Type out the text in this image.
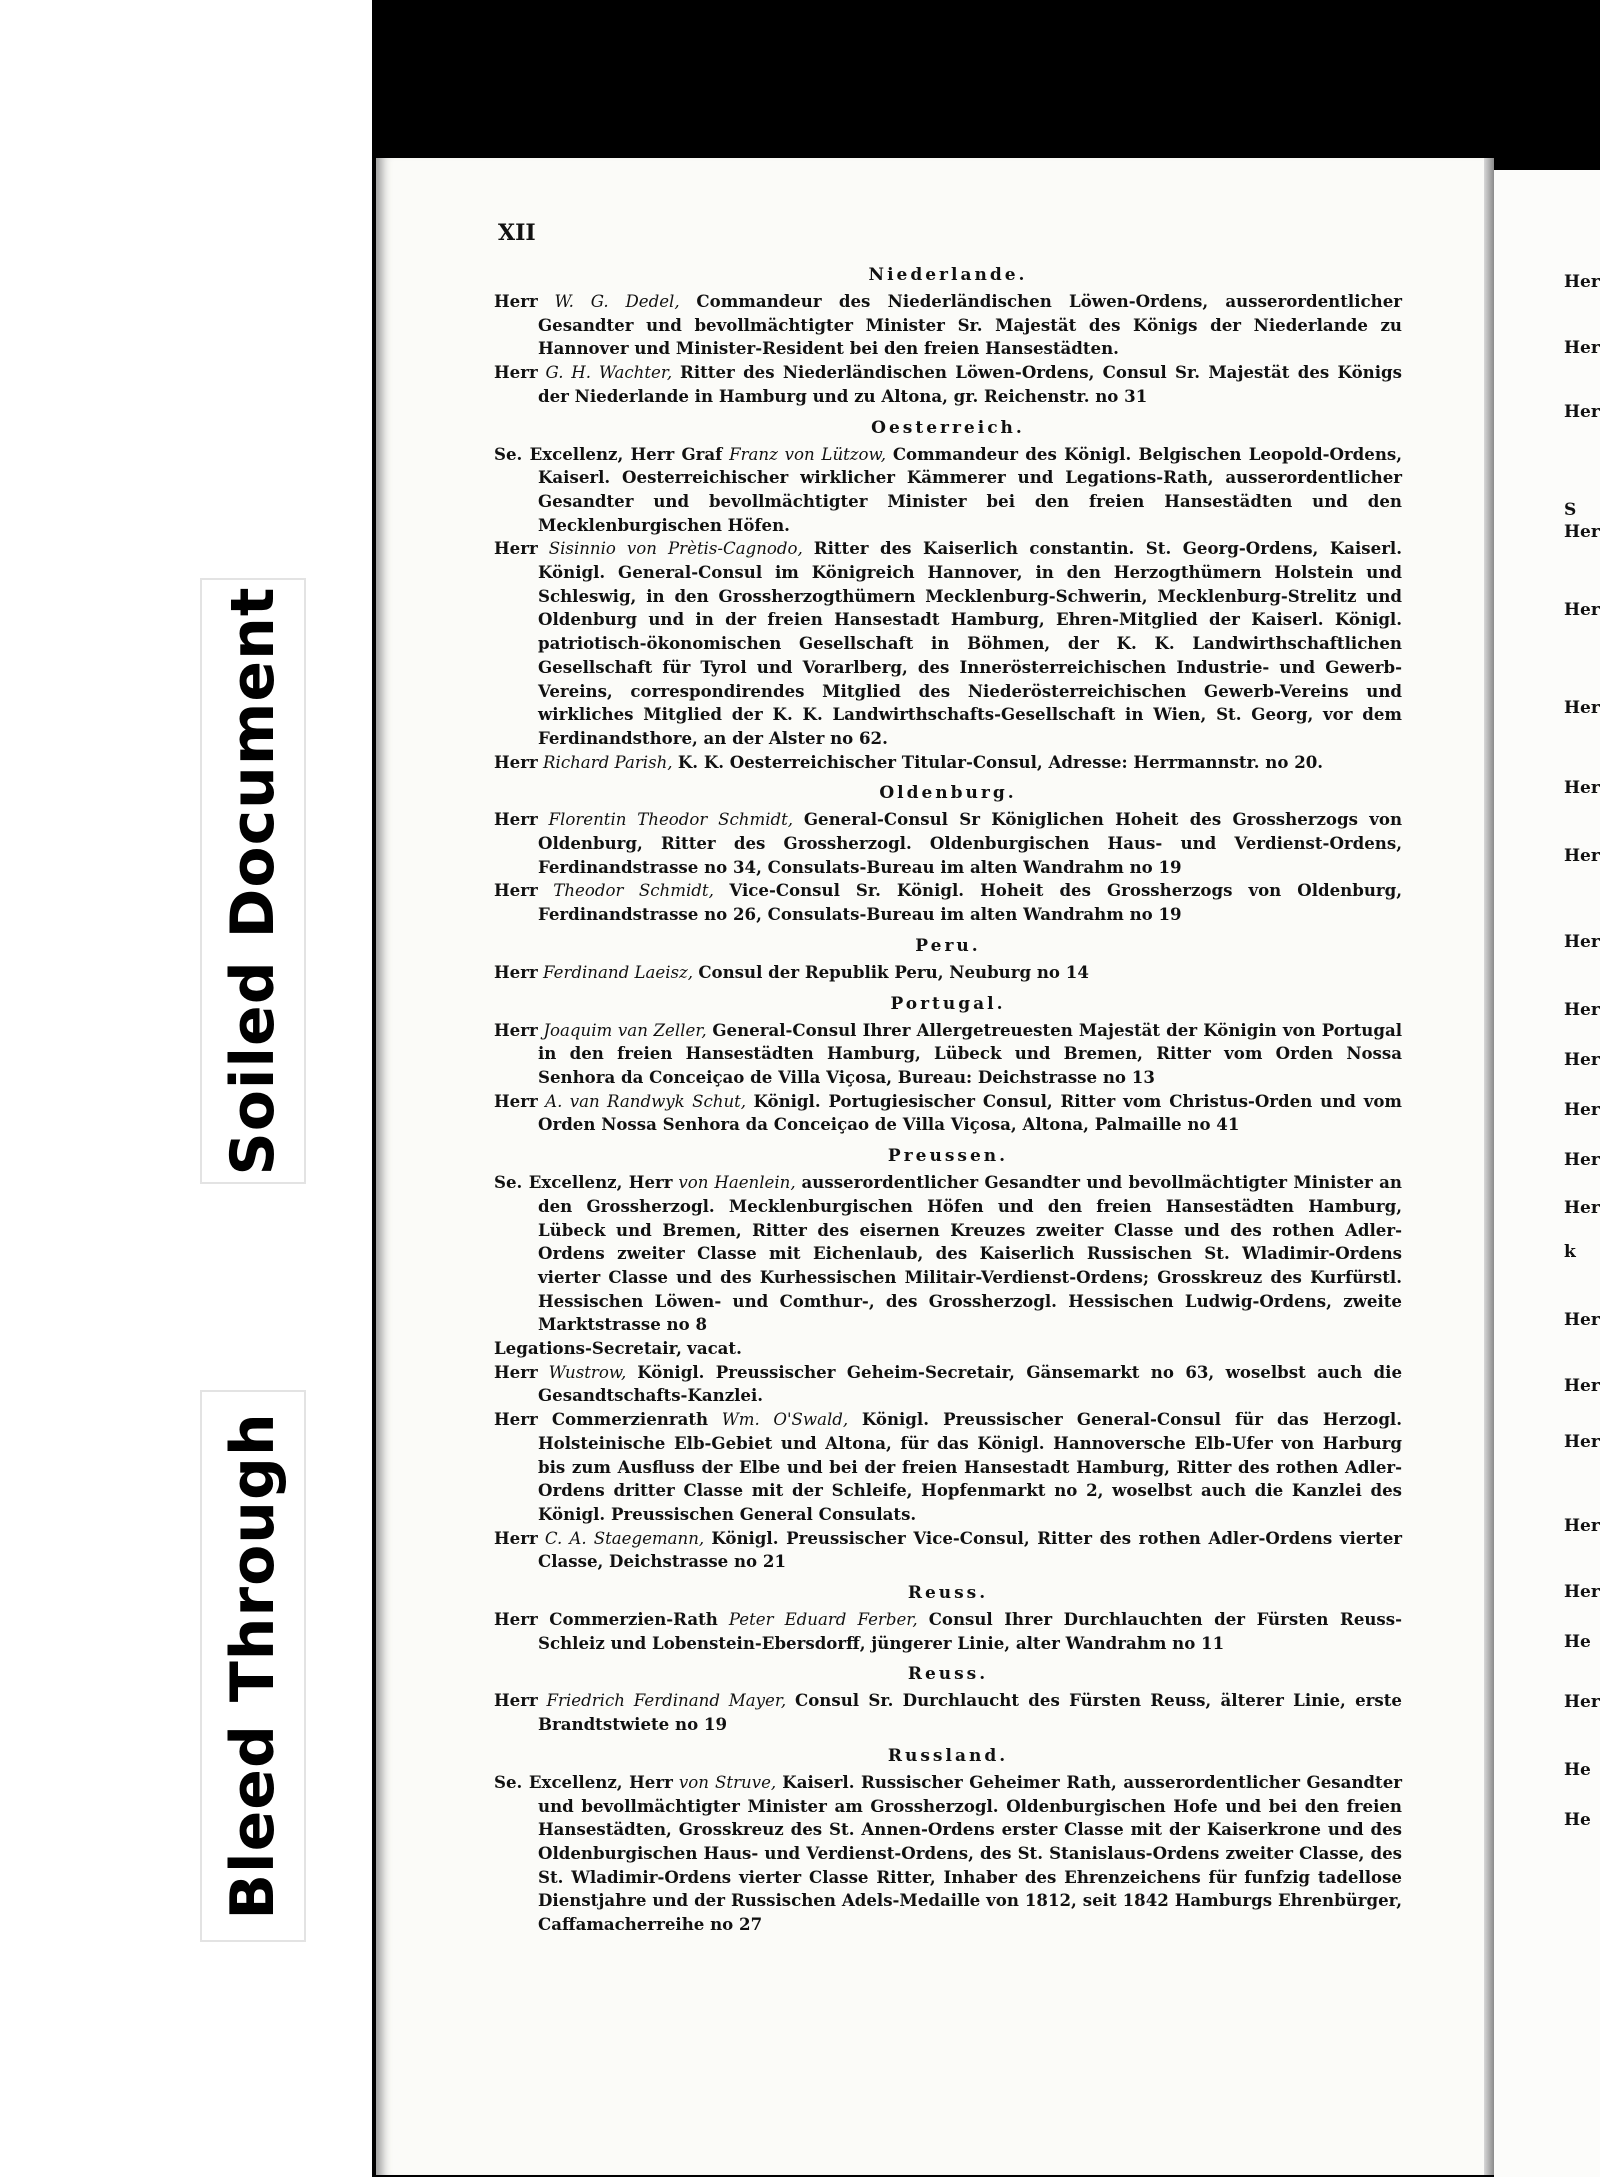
Soiled Document
Bleed Through
Her
Her
Her
S
Her
Her
Her
Her
Her
Her
Her
Her
Her
Her
Her
k
Her
Her
Her
Her
Her
He
Her
He
He
XII
Niederlande.
Herr W. G. Dedel, Commandeur des Niederländischen Löwen-Ordens, ausserordentlicher Gesandter und bevollmächtigter Minister Sr. Majestät des Königs der Niederlande zu Hannover und Minister-Resident bei den freien Hansestädten.
Herr G. H. Wachter, Ritter des Niederländischen Löwen-Ordens, Consul Sr. Majestät des Königs der Niederlande in Hamburg und zu Altona, gr. Reichenstr. no 31
Oesterreich.
Se. Excellenz, Herr Graf Franz von Lützow, Commandeur des Königl. Belgischen Leopold-Ordens, Kaiserl. Oesterreichischer wirklicher Kämmerer und Legations-Rath, ausserordentlicher Gesandter und bevollmächtigter Minister bei den freien Hansestädten und den Mecklenburgischen Höfen.
Herr Sisinnio von Prètis-Cagnodo, Ritter des Kaiserlich constantin. St. Georg-Ordens, Kaiserl. Königl. General-Consul im Königreich Hannover, in den Herzogthümern Holstein und Schleswig, in den Grossherzogthümern Mecklenburg-Schwerin, Mecklenburg-Strelitz und Oldenburg und in der freien Hansestadt Hamburg, Ehren-Mitglied der Kaiserl. Königl. patriotisch-ökonomischen Gesellschaft in Böhmen, der K. K. Landwirthschaftlichen Gesellschaft für Tyrol und Vorarlberg, des Innerösterreichischen Industrie- und Gewerb-Vereins, correspondirendes Mitglied des Niederösterreichischen Gewerb-Vereins und wirkliches Mitglied der K. K. Landwirthschafts-Gesellschaft in Wien, St. Georg, vor dem Ferdinandsthore, an der Alster no 62.
Herr Richard Parish, K. K. Oesterreichischer Titular-Consul, Adresse: Herrmannstr. no 20.
Oldenburg.
Herr Florentin Theodor Schmidt, General-Consul Sr Königlichen Hoheit des Grossherzogs von Oldenburg, Ritter des Grossherzogl. Oldenburgischen Haus- und Verdienst-Ordens, Ferdinandstrasse no 34, Consulats-Bureau im alten Wandrahm no 19
Herr Theodor Schmidt, Vice-Consul Sr. Königl. Hoheit des Grossherzogs von Oldenburg, Ferdinandstrasse no 26, Consulats-Bureau im alten Wandrahm no 19
Peru.
Herr Ferdinand Laeisz, Consul der Republik Peru, Neuburg no 14
Portugal.
Herr Joaquim van Zeller, General-Consul Ihrer Allergetreuesten Majestät der Königin von Portugal in den freien Hansestädten Hamburg, Lübeck und Bremen, Ritter vom Orden Nossa Senhora da Conceiçao de Villa Viçosa, Bureau: Deichstrasse no 13
Herr A. van Randwyk Schut, Königl. Portugiesischer Consul, Ritter vom Christus-Orden und vom Orden Nossa Senhora da Conceiçao de Villa Viçosa, Altona, Palmaille no 41
Preussen.
Se. Excellenz, Herr von Haenlein, ausserordentlicher Gesandter und bevollmächtigter Minister an den Grossherzogl. Mecklenburgischen Höfen und den freien Hansestädten Hamburg, Lübeck und Bremen, Ritter des eisernen Kreuzes zweiter Classe und des rothen Adler-Ordens zweiter Classe mit Eichenlaub, des Kaiserlich Russischen St. Wladimir-Ordens vierter Classe und des Kurhessischen Militair-Verdienst-Ordens; Grosskreuz des Kurfürstl. Hessischen Löwen- und Comthur-, des Grossherzogl. Hessischen Ludwig-Ordens, zweite Marktstrasse no 8
Legations-Secretair, vacat.
Herr Wustrow, Königl. Preussischer Geheim-Secretair, Gänsemarkt no 63, woselbst auch die Gesandtschafts-Kanzlei.
Herr Commerzienrath Wm. O'Swald, Königl. Preussischer General-Consul für das Herzogl. Holsteinische Elb-Gebiet und Altona, für das Königl. Hannoversche Elb-Ufer von Harburg bis zum Ausfluss der Elbe und bei der freien Hansestadt Hamburg, Ritter des rothen Adler-Ordens dritter Classe mit der Schleife, Hopfenmarkt no 2, woselbst auch die Kanzlei des Königl. Preussischen General Consulats.
Herr C. A. Staegemann, Königl. Preussischer Vice-Consul, Ritter des rothen Adler-Ordens vierter Classe, Deichstrasse no 21
Reuss.
Herr Commerzien-Rath Peter Eduard Ferber, Consul Ihrer Durchlauchten der Fürsten Reuss-Schleiz und Lobenstein-Ebersdorff, jüngerer Linie, alter Wandrahm no 11
Reuss.
Herr Friedrich Ferdinand Mayer, Consul Sr. Durchlaucht des Fürsten Reuss, älterer Linie, erste Brandtstwiete no 19
Russland.
Se. Excellenz, Herr von Struve, Kaiserl. Russischer Geheimer Rath, ausserordentlicher Gesandter und bevollmächtigter Minister am Grossherzogl. Oldenburgischen Hofe und bei den freien Hansestädten, Grosskreuz des St. Annen-Ordens erster Classe mit der Kaiserkrone und des Oldenburgischen Haus- und Verdienst-Ordens, des St. Stanislaus-Ordens zweiter Classe, des St. Wladimir-Ordens vierter Classe Ritter, Inhaber des Ehrenzeichens für funfzig tadellose Dienstjahre und der Russischen Adels-Medaille von 1812, seit 1842 Hamburgs Ehrenbürger, Caffamacherreihe no 27
